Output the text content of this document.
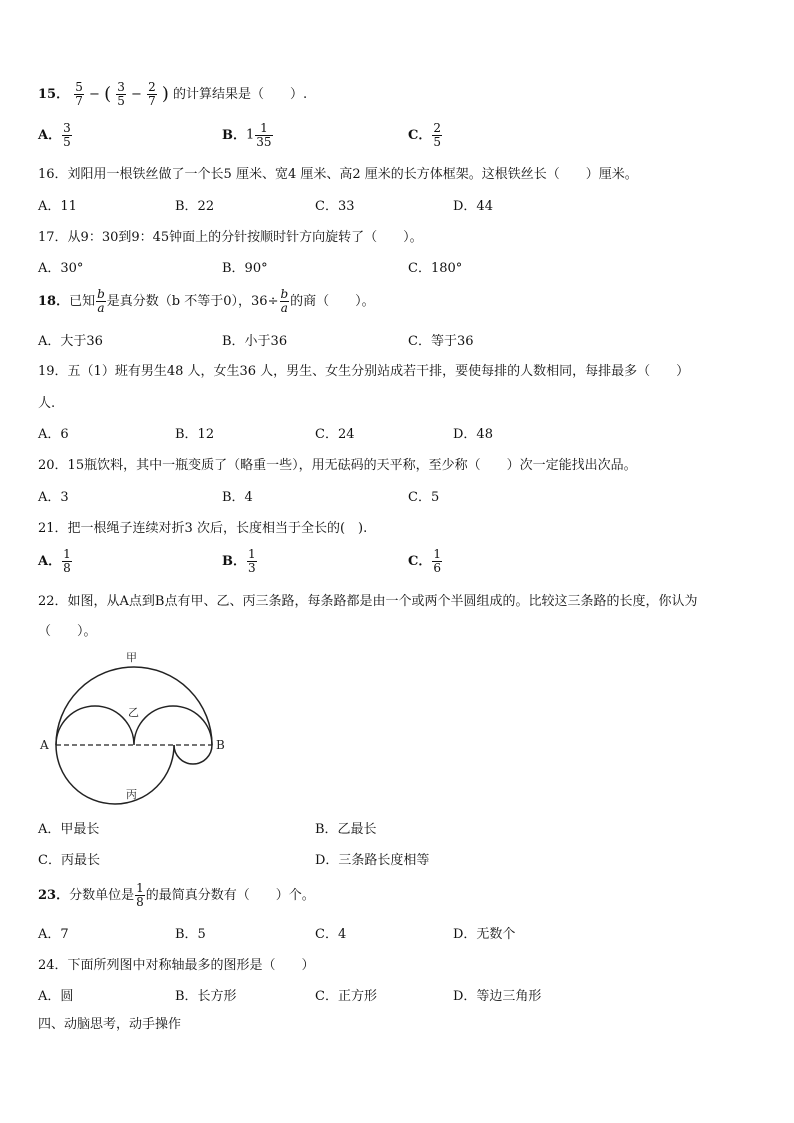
15． $\frac{5}{7}$ − ( $\frac{3}{5} - \frac{2}{7}$ ) 的计算结果是（　　）.
A． $\frac{3}{5}$	B．$1 \frac{1}{35}$	C． $\frac{2}{5}$
16．刘阳用一根铁丝做了一个长5 厘米、宽4 厘米、高2 厘米的长方体框架。这根铁丝长（　　）厘米。
A．11	B．22	C．33	D．44
17．从9：30到9：45钟面上的分针按顺时针方向旋转了（　　）。
A．30°	B．90°	C．180°
18．已知 $\frac{b}{a}$ 是真分数（b 不等于0），$36\div \frac{b}{a}$ 的商（　　）。
A．大于36	B．小于36	C．等于36
19．五（1）班有男生48 人，女生36 人，男生、女生分别站成若干排，要使每排的人数相同，每排最多（　　）
人.
A．6	B．12	C．24	D．48
20．15瓶饮料，其中一瓶变质了（略重一些），用无砝码的天平称，至少称（　　）次一定能找出次品。
A．3	B．4	C．5
21．把一根绳子连续对折3 次后，长度相当于全长的(　).
A． $\frac{1}{8}$	B． $\frac{1}{3}$	C． $\frac{1}{6}$
22．如图，从A点到B点有甲、乙、丙三条路，每条路都是由一个或两个半圆组成的。比较这三条路的长度，你认为
（　　）。
甲
乙
丙
A	B
A．甲最长	B．乙最长
C．丙最长	D．三条路长度相等
23．分数单位是 $\frac{1}{8}$ 的最简真分数有（　　）个。
A．7	B．5	C．4	D．无数个
24．下面所列图中对称轴最多的图形是（　　）
A．圆	B．长方形	C．正方形	D．等边三角形
四、动脑思考，动手操作
